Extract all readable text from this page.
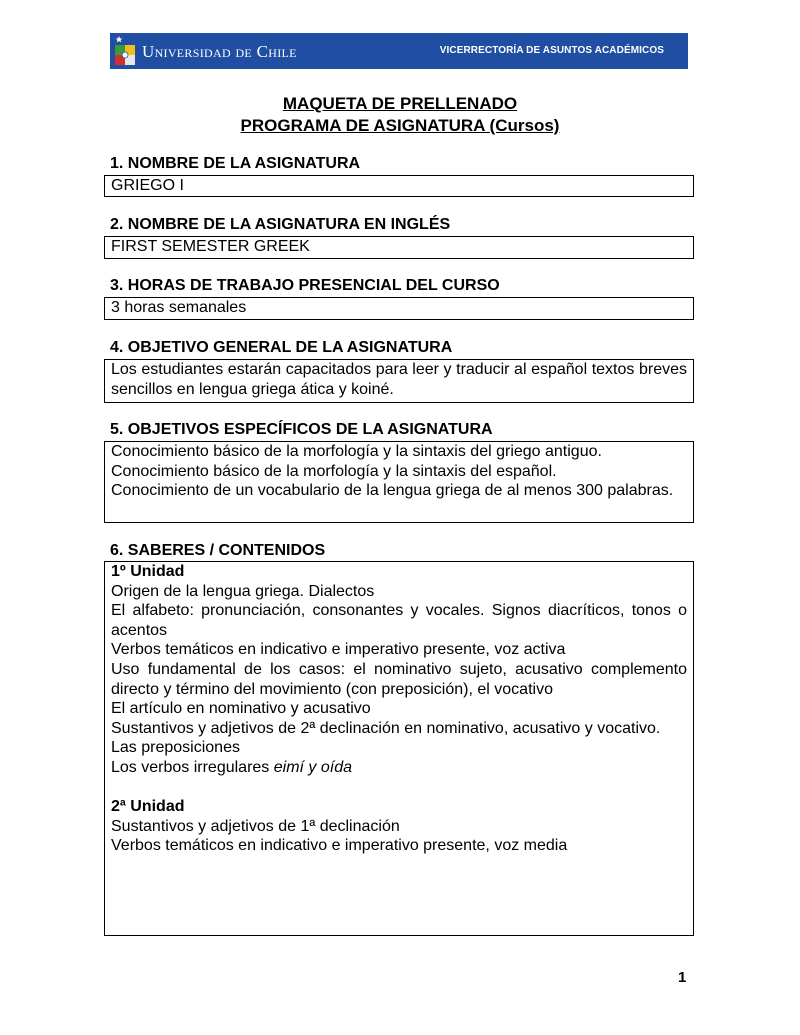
Universidad de Chile	VICERRECTORÍA DE ASUNTOS ACADÉMICOS
MAQUETA DE PRELLENADO
PROGRAMA DE ASIGNATURA (Cursos)
1. NOMBRE DE LA ASIGNATURA
GRIEGO I
2. NOMBRE DE LA ASIGNATURA EN INGLÉS
FIRST SEMESTER GREEK
3. HORAS DE TRABAJO PRESENCIAL DEL CURSO
3 horas semanales
4. OBJETIVO GENERAL DE LA ASIGNATURA
Los estudiantes estarán capacitados para leer y traducir al español textos breves sencillos en lengua griega ática y koiné.
5. OBJETIVOS ESPECÍFICOS DE LA ASIGNATURA
Conocimiento básico de la morfología y la sintaxis del griego antiguo.
Conocimiento básico de la morfología y la sintaxis del español.
Conocimiento de un vocabulario de la lengua griega de al menos 300 palabras.
6. SABERES / CONTENIDOS
1º Unidad
Origen de la lengua griega. Dialectos
El alfabeto: pronunciación, consonantes y vocales. Signos diacríticos, tonos o acentos
Verbos temáticos en indicativo e imperativo presente, voz activa
Uso fundamental de los casos: el nominativo sujeto, acusativo complemento directo y término del movimiento (con preposición), el vocativo
El artículo en nominativo y acusativo
Sustantivos y adjetivos de 2ª declinación en nominativo, acusativo y vocativo.
Las preposiciones
Los verbos irregulares eimí y oída
2ª Unidad
Sustantivos y adjetivos de 1ª declinación
Verbos temáticos en indicativo e imperativo presente, voz media
1
